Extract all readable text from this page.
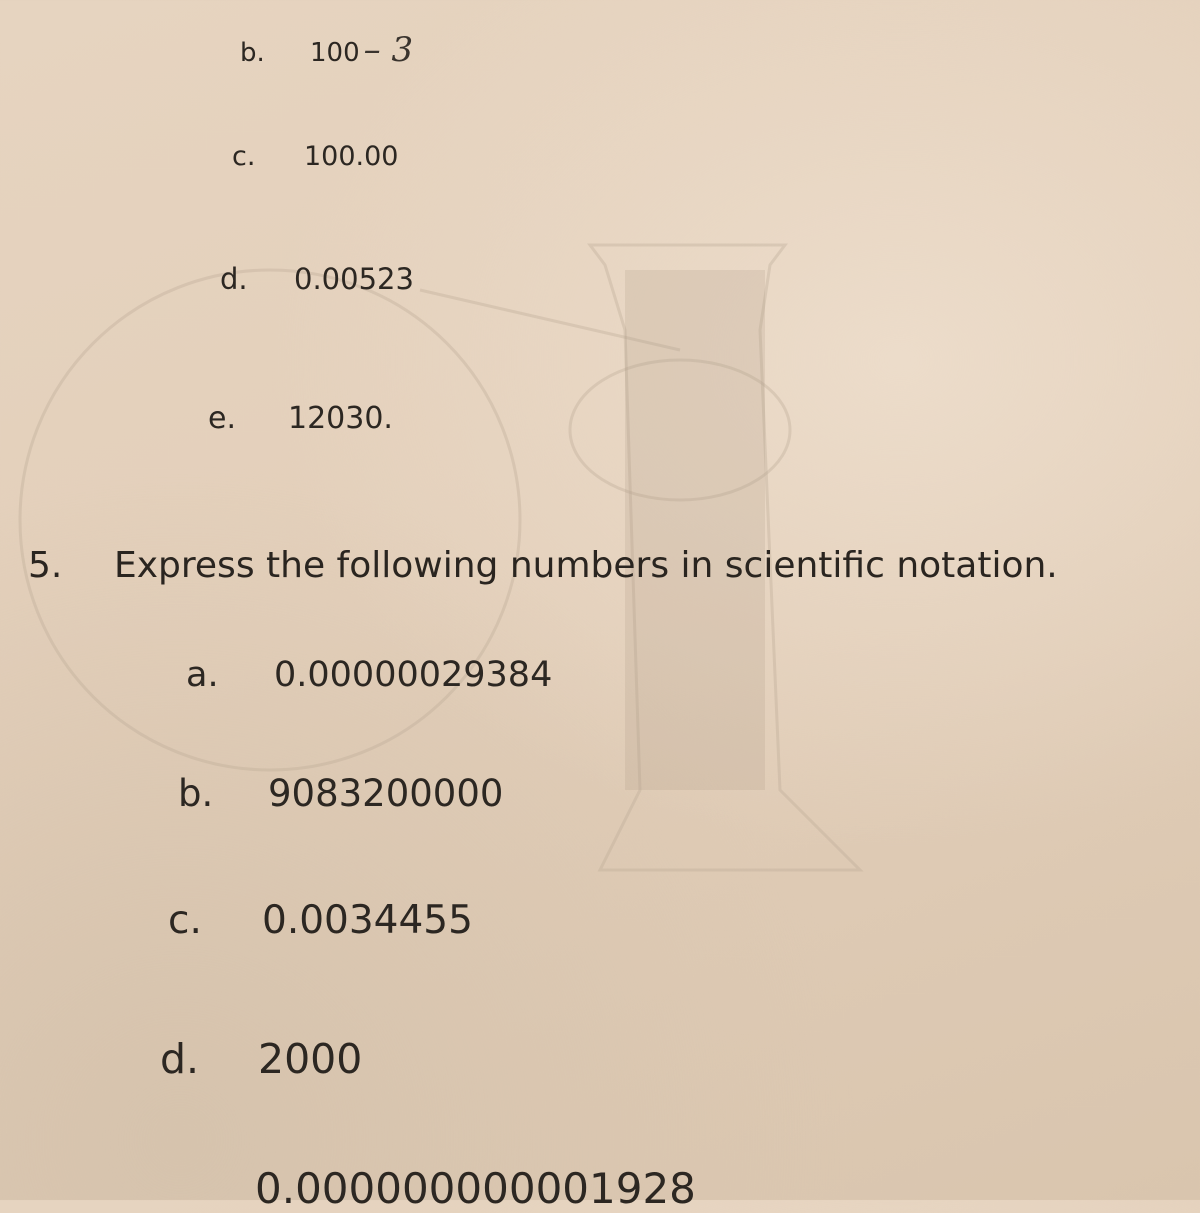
b. 100 – 3
c. 100.00
d. 0.00523
e. 12030.
5. Express the following numbers in scientific notation.
a. 0.00000029384
b. 9083200000
c. 0.0034455
d. 2000
0.000000000001928
